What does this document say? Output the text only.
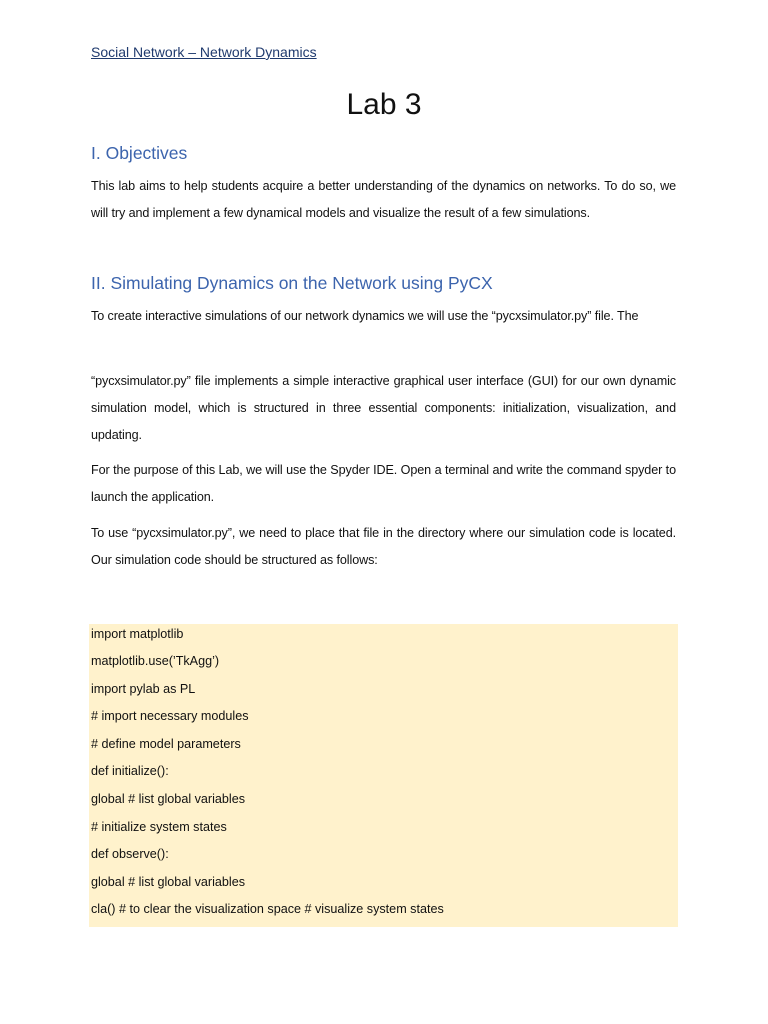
Social Network – Network Dynamics
Lab 3
I. Objectives
This lab aims to help students acquire a better understanding of the dynamics on networks. To do so, we will try and implement a few dynamical models and visualize the result of a few simulations.
II. Simulating Dynamics on the Network using PyCX
To create interactive simulations of our network dynamics we will use the “pycxsimulator.py” file. The
“pycxsimulator.py” file implements a simple interactive graphical user interface (GUI) for our own dynamic simulation model, which is structured in three essential components: initialization, visualization, and updating.
For the purpose of this Lab, we will use the Spyder IDE. Open a terminal and write the command spyder to launch the application.
To use “pycxsimulator.py”, we need to place that file in the directory where our simulation code is located. Our simulation code should be structured as follows:
import matplotlib
matplotlib.use(’TkAgg’)
import pylab as PL
# import necessary modules
# define model parameters
def initialize():
global # list global variables
# initialize system states
def observe():
global # list global variables
cla() # to clear the visualization space # visualize system states
